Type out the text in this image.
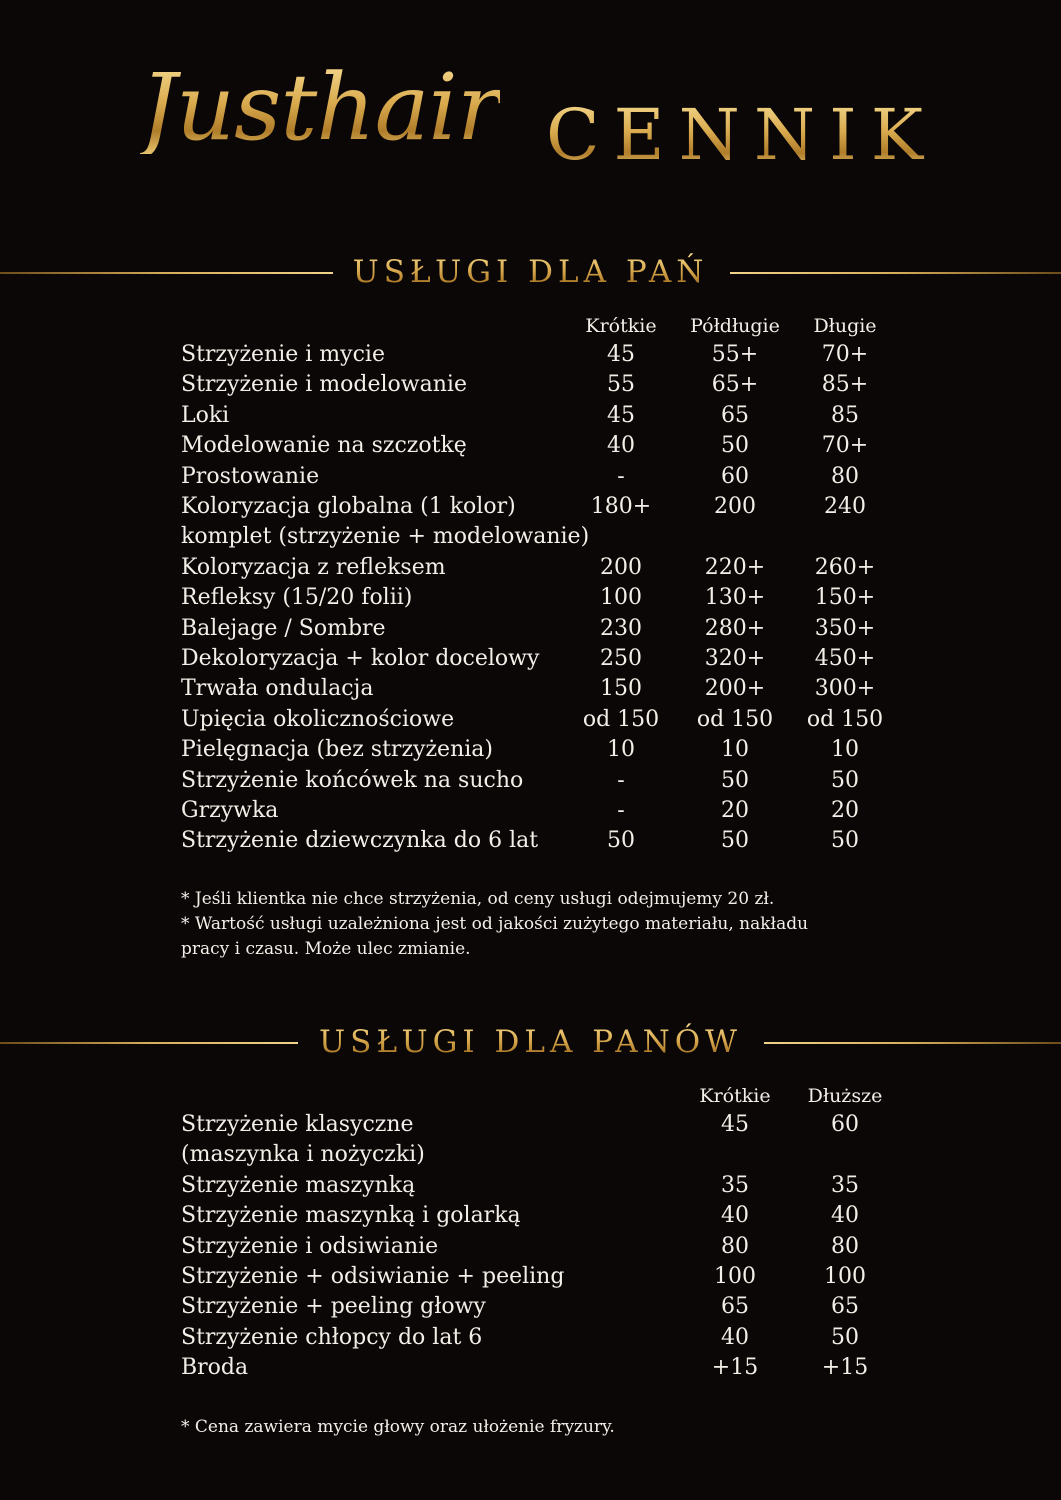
Justhair CENNIK
USŁUGI DLA PAŃ
Krótkie	Półdługie	Długie
Strzyżenie i mycie	45	55+	70+
Strzyżenie i modelowanie	55	65+	85+
Loki	45	65	85
Modelowanie na szczotkę	40	50	70+
Prostowanie	-	60	80
Koloryzacja globalna (1 kolor)	180+	200	240
komplet (strzyżenie + modelowanie)
Koloryzacja z refleksem	200	220+	260+
Refleksy (15/20 folii)	100	130+	150+
Balejage / Sombre	230	280+	350+
Dekoloryzacja + kolor docelowy	250	320+	450+
Trwała ondulacja	150	200+	300+
Upięcia okolicznościowe	od 150	od 150	od 150
Pielęgnacja (bez strzyżenia)	10	10	10
Strzyżenie końcówek na sucho	-	50	50
Grzywka	-	20	20
Strzyżenie dziewczynka do 6 lat	50	50	50
* Jeśli klientka nie chce strzyżenia, od ceny usługi odejmujemy 20 zł.
* Wartość usługi uzależniona jest od jakości zużytego materiału, nakładu
pracy i czasu. Może ulec zmianie.
USŁUGI DLA PANÓW
Krótkie	Dłuższe
Strzyżenie klasyczne	45	60
(maszynka i nożyczki)
Strzyżenie maszynką	35	35
Strzyżenie maszynką i golarką	40	40
Strzyżenie i odsiwianie	80	80
Strzyżenie + odsiwianie + peeling	100	100
Strzyżenie + peeling głowy	65	65
Strzyżenie chłopcy do lat 6	40	50
Broda	+15	+15
* Cena zawiera mycie głowy oraz ułożenie fryzury.
